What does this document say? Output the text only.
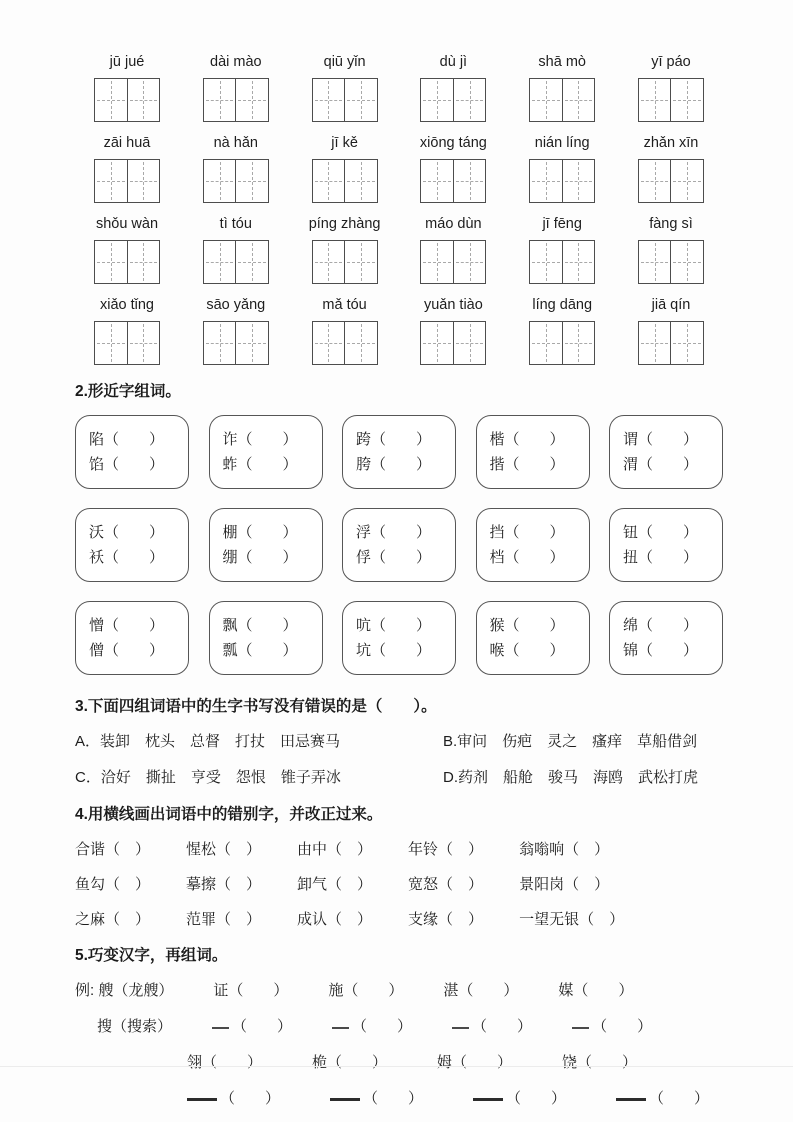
jū jué	dài mào	qiū yǐn	dù jì	shā mò	yī páo
zāi huā	nà hǎn	jī kě	xiōng táng	nián líng	zhǎn xīn
shǒu wàn	tì tóu	píng zhàng	máo dùn	jī fēng	fàng sì
xiǎo tǐng	sāo yǎng	mǎ tóu	yuǎn tiào	líng dāng	jiā qín
2.形近字组词。
陷（　　）
馅（　　）
诈（　　）
蚱（　　）
跨（　　）
胯（　　）
楷（　　）
揩（　　）
谓（　　）
渭（　　）
沃（　　）
袄（　　）
棚（　　）
绷（　　）
浮（　　）
俘（　　）
挡（　　）
档（　　）
钮（　　）
扭（　　）
憎（　　）
僧（　　）
飘（　　）
瓢（　　）
吭（　　）
坑（　　）
猴（　　）
喉（　　）
绵（　　）
锦（　　）
3.下面四组词语中的生字书写没有错误的是（　　）。
A．装卸　枕头　总督　打扙　田忌赛马	B.审问　伤疤　灵之　瘙痒　草船借剑
C．洽好　撕扯　亨受　怨恨　锥子弄冰	D.药剂　船舱　骏马　海鸥　武松打虎
4.用横线画出词语中的错别字，并改正过来。
合谐（　） 惺松（　） 由中（　） 年铃（　） 翁嗡响（　）
鱼勾（　） 摹擦（　） 卸气（　） 宽怒（　） 景阳岗（　）
之麻（　） 范罪（　） 成认（　） 支缘（　） 一望无银（　）
5.巧变汉字，再组词。
例: 艘（龙艘）	证（　　）	施（　　）	湛（　　）	媒（　　）
搜（搜索）	（　　）	（　　）	（　　）	（　　）
翎（　　）	桅（　　）	姆（　　）	饶（　　）
（　　）	（　　）	（　　）	（　　）
